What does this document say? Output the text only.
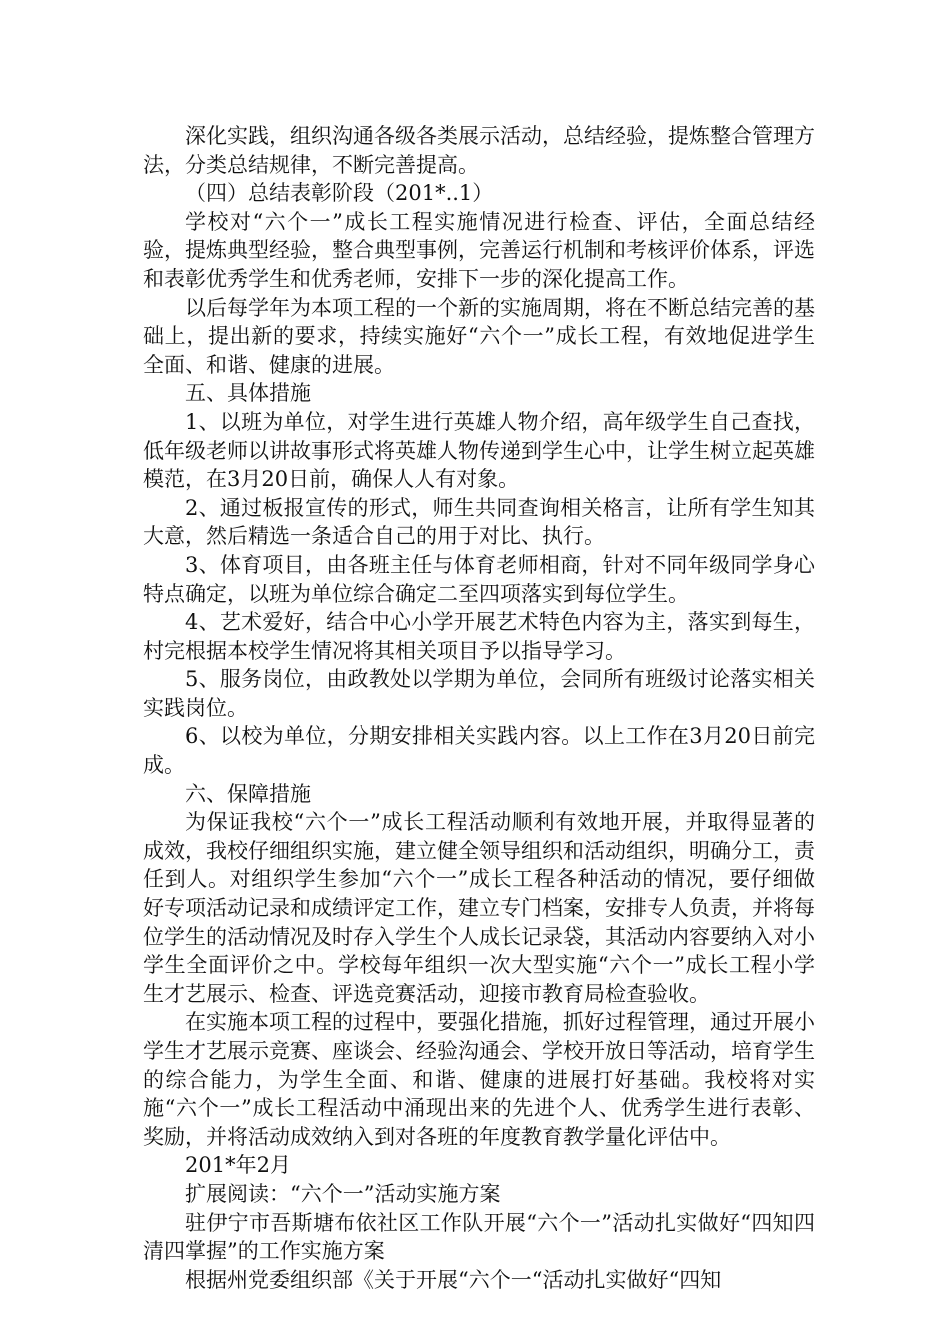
深化实践，组织沟通各级各类展示活动，总结经验，提炼整合管理方法，分类总结规律，不断完善提高。

（四）总结表彰阶段（201*..1）

学校对“六个一”成长工程实施情况进行检查、评估，全面总结经验，提炼典型经验，整合典型事例，完善运行机制和考核评价体系，评选和表彰优秀学生和优秀老师，安排下一步的深化提高工作。

以后每学年为本项工程的一个新的实施周期，将在不断总结完善的基础上，提出新的要求，持续实施好“六个一”成长工程，有效地促进学生全面、和谐、健康的进展。

五、具体措施

1、以班为单位，对学生进行英雄人物介绍，高年级学生自己查找，低年级老师以讲故事形式将英雄人物传递到学生心中，让学生树立起英雄模范，在3月20日前，确保人人有对象。

2、通过板报宣传的形式，师生共同查询相关格言，让所有学生知其大意，然后精选一条适合自己的用于对比、执行。

3、体育项目，由各班主任与体育老师相商，针对不同年级同学身心特点确定，以班为单位综合确定二至四项落实到每位学生。

4、艺术爱好，结合中心小学开展艺术特色内容为主，落实到每生，村完根据本校学生情况将其相关项目予以指导学习。

5、服务岗位，由政教处以学期为单位，会同所有班级讨论落实相关实践岗位。

6、以校为单位，分期安排相关实践内容。以上工作在3月20日前完成。

六、保障措施

为保证我校“六个一”成长工程活动顺利有效地开展，并取得显著的成效，我校仔细组织实施，建立健全领导组织和活动组织，明确分工，责任到人。对组织学生参加“六个一”成长工程各种活动的情况，要仔细做好专项活动记录和成绩评定工作，建立专门档案，安排专人负责，并将每位学生的活动情况及时存入学生个人成长记录袋，其活动内容要纳入对小学生全面评价之中。学校每年组织一次大型实施“六个一”成长工程小学生才艺展示、检查、评选竞赛活动，迎接市教育局检查验收。

在实施本项工程的过程中，要强化措施，抓好过程管理，通过开展小学生才艺展示竞赛、座谈会、经验沟通会、学校开放日等活动，培育学生的综合能力，为学生全面、和谐、健康的进展打好基础。我校将对实施“六个一”成长工程活动中涌现出来的先进个人、优秀学生进行表彰、奖励，并将活动成效纳入到对各班的年度教育教学量化评估中。

201*年2月

扩展阅读：“六个一”活动实施方案

驻伊宁市吾斯塘布依社区工作队开展“六个一”活动扎实做好“四知四清四掌握”的工作实施方案

根据州党委组织部《关于开展“六个一“活动扎实做好“四知
